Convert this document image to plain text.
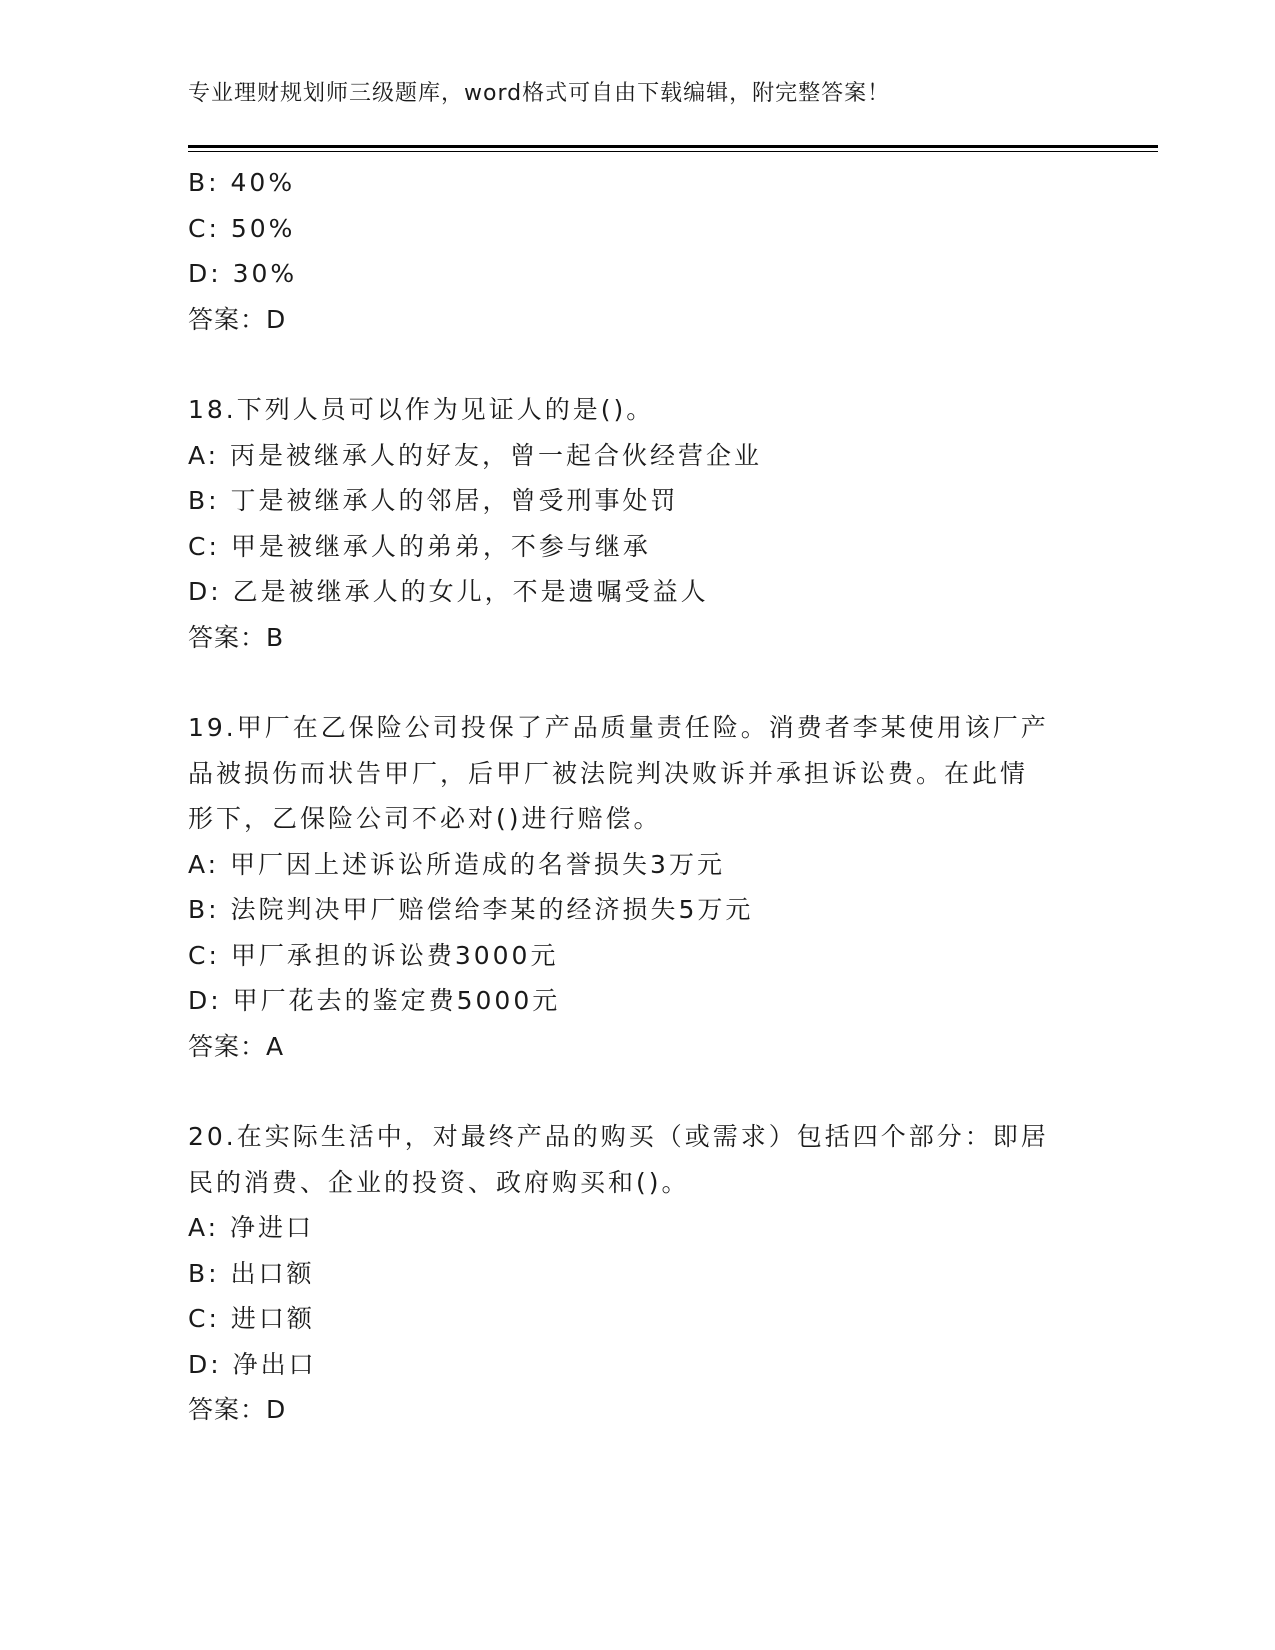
专业理财规划师三级题库，word格式可自由下载编辑，附完整答案！
B: 40%
C: 50%
D: 30%
答案：D
18.下列人员可以作为见证人的是()。
A: 丙是被继承人的好友，曾一起合伙经营企业
B: 丁是被继承人的邻居，曾受刑事处罚
C: 甲是被继承人的弟弟，不参与继承
D: 乙是被继承人的女儿，不是遗嘱受益人
答案：B
19.甲厂在乙保险公司投保了产品质量责任险。消费者李某使用该厂产
品被损伤而状告甲厂，后甲厂被法院判决败诉并承担诉讼费。在此情
形下，乙保险公司不必对()进行赔偿。
A: 甲厂因上述诉讼所造成的名誉损失3万元
B: 法院判决甲厂赔偿给李某的经济损失5万元
C: 甲厂承担的诉讼费3000元
D: 甲厂花去的鉴定费5000元
答案：A
20.在实际生活中，对最终产品的购买（或需求）包括四个部分：即居
民的消费、企业的投资、政府购买和()。
A: 净进口
B: 出口额
C: 进口额
D: 净出口
答案：D
